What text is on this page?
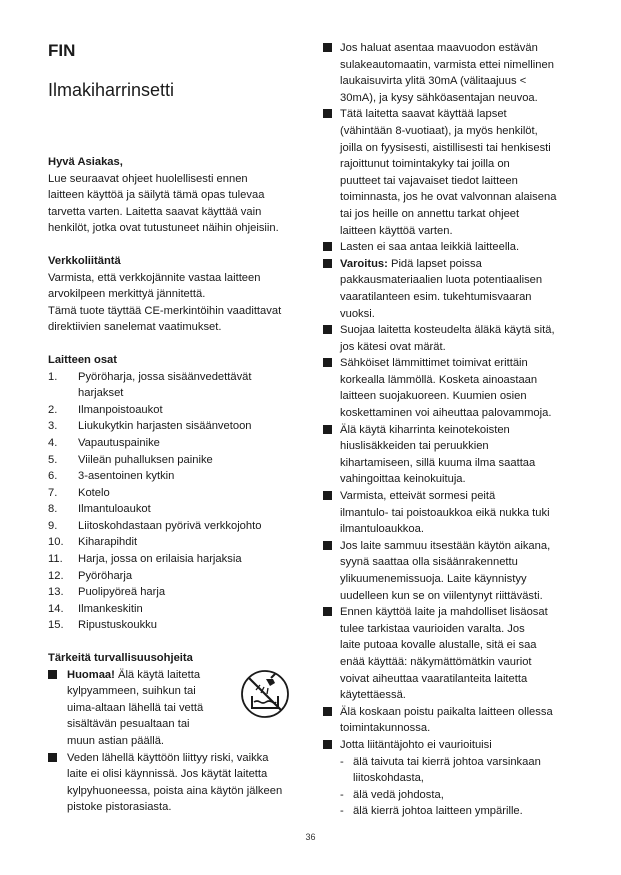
FIN
Ilmakiharrinsetti
Hyvä Asiakas,
Lue seuraavat ohjeet huolellisesti ennen
laitteen käyttöä ja säilytä tämä opas tulevaa
tarvetta varten. Laitetta saavat käyttää vain
henkilöt, jotka ovat tutustuneet näihin ohjeisiin.
Verkkoliitäntä
Varmista, että verkkojännite vastaa laitteen
arvokilpeen merkittyä jännitettä.
Tämä tuote täyttää CE-merkintöihin vaadittavat
direktiivien sanelemat vaatimukset.
Laitteen osat
1.	Pyöröharja, jossa sisäänvedettävät
harjakset
2.	Ilmanpoistoaukot
3.	Liukukytkin harjasten sisäänvetoon
4.	Vapautuspainike
5.	Viileän puhalluksen painike
6.	3-asentoinen kytkin
7.	Kotelo
8.	Ilmantuloaukot
9.	Liitoskohdastaan pyörivä verkkojohto
10.	Kiharapihdit
11.	Harja, jossa on erilaisia harjaksia
12.	Pyöröharja
13.	Puolipyöreä harja
14.	Ilmankeskitin
15.	Ripustuskoukku
Tärkeitä turvallisuusohjeita
Huomaa! Älä käytä laitetta
kylpyammeen, suihkun tai
uima-altaan lähellä tai vettä
sisältävän pesualtaan tai
muun astian päällä.
Veden lähellä käyttöön liittyy riski, vaikka
laite ei olisi käynnissä. Jos käytät laitetta
kylpyhuoneessa, poista aina käytön jälkeen
pistoke pistorasiasta.
Jos haluat asentaa maavuodon estävän
sulakeautomaatin, varmista ettei nimellinen
laukaisuvirta ylitä 30mA (välitaajuus <
30mA), ja kysy sähköasentajan neuvoa.
Tätä laitetta saavat käyttää lapset
(vähintään 8-vuotiaat), ja myös henkilöt,
joilla on fyysisesti, aistillisesti tai henkisesti
rajoittunut toimintakyky tai joilla on
puutteet tai vajavaiset tiedot laitteen
toiminnasta, jos he ovat valvonnan alaisena
tai jos heille on annettu tarkat ohjeet
laitteen käyttöä varten.
Lasten ei saa antaa leikkiä laitteella.
Varoitus: Pidä lapset poissa
pakkausmateriaalien luota potentiaalisen
vaaratilanteen esim. tukehtumisvaaran
vuoksi.
Suojaa laitetta kosteudelta äläkä käytä sitä,
jos kätesi ovat märät.
Sähköiset lämmittimet toimivat erittäin
korkealla lämmöllä. Kosketa ainoastaan
laitteen suojakuoreen. Kuumien osien
koskettaminen voi aiheuttaa palovammoja.
Älä käytä kiharrinta keinotekoisten
hiuslisäkkeiden tai peruukkien
kihartamiseen, sillä kuuma ilma saattaa
vahingoittaa keinokuituja.
Varmista, etteivät sormesi peitä
ilmantulo- tai poistoaukkoa eikä nukka tuki
ilmantuloaukkoa.
Jos laite sammuu itsestään käytön aikana,
syynä saattaa olla sisäänrakennettu
ylikuumenemissuoja. Laite käynnistyy
uudelleen kun se on viilentynyt riittävästi.
Ennen käyttöä laite ja mahdolliset lisäosat
tulee tarkistaa vaurioiden varalta. Jos
laite putoaa kovalle alustalle, sitä ei saa
enää käyttää: näkymättömätkin vauriot
voivat aiheuttaa vaaratilanteita laitetta
käytettäessä.
Älä koskaan poistu paikalta laitteen ollessa
toimintakunnossa.
Jotta liitäntäjohto ei vaurioituisi
- älä taivuta tai kierrä johtoa varsinkaan
liitoskohdasta,
- älä vedä johdosta,
- älä kierrä johtoa laitteen ympärille.
36
